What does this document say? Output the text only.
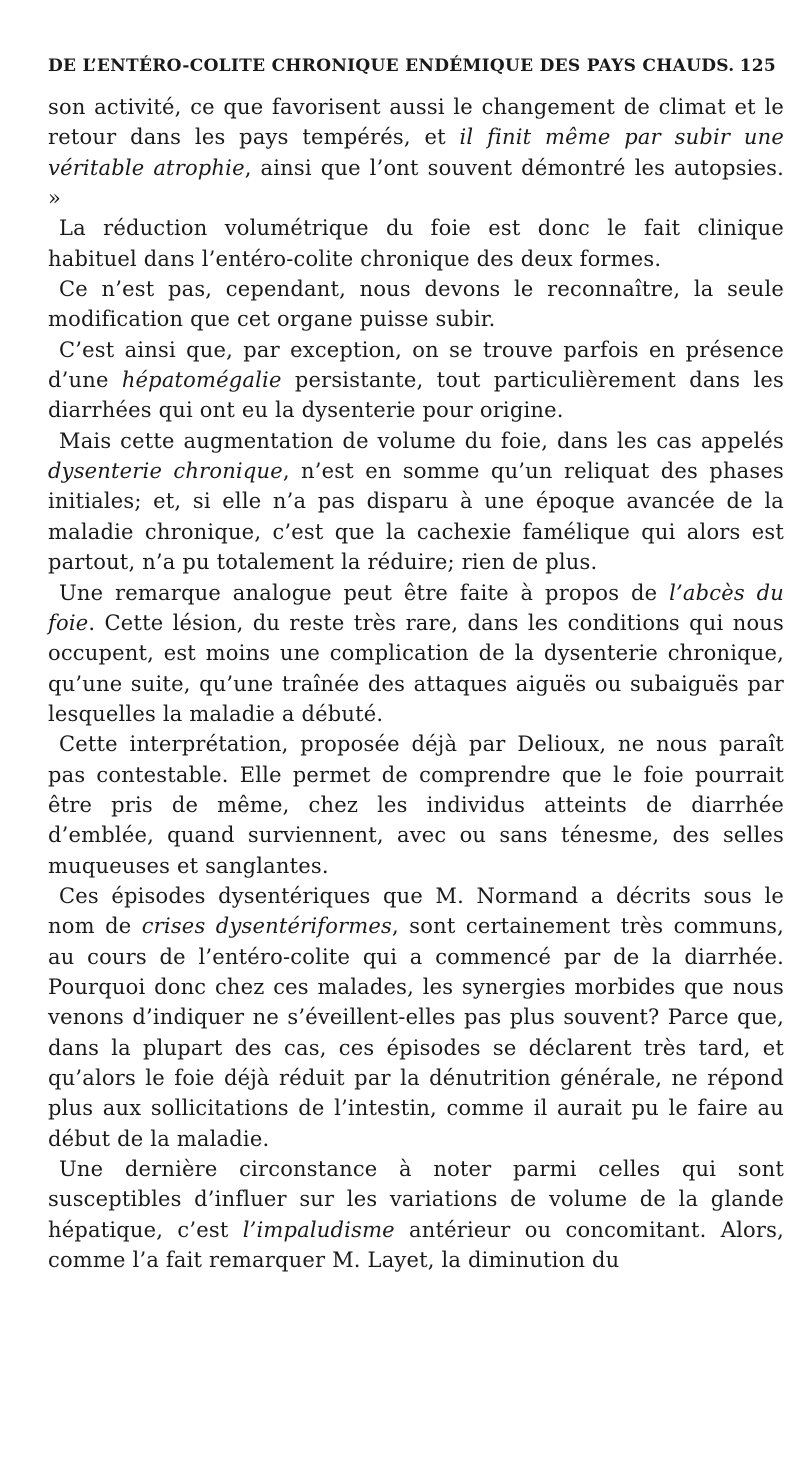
DE L’ENTÉRO-COLITE CHRONIQUE ENDÉMIQUE DES PAYS CHAUDS. 125

son activité, ce que favorisent aussi le changement de climat et le retour dans les pays tempérés, et il finit même par subir une véritable atrophie, ainsi que l’ont souvent démontré les autopsies. »

La réduction volumétrique du foie est donc le fait clinique habituel dans l’entéro-colite chronique des deux formes.

Ce n’est pas, cependant, nous devons le reconnaître, la seule modification que cet organe puisse subir.

C’est ainsi que, par exception, on se trouve parfois en présence d’une hépatomégalie persistante, tout particulièrement dans les diarrhées qui ont eu la dysenterie pour origine.

Mais cette augmentation de volume du foie, dans les cas appelés dysenterie chronique, n’est en somme qu’un reliquat des phases initiales; et, si elle n’a pas disparu à une époque avancée de la maladie chronique, c’est que la cachexie famélique qui alors est partout, n’a pu totalement la réduire; rien de plus.

Une remarque analogue peut être faite à propos de l’abcès du foie. Cette lésion, du reste très rare, dans les conditions qui nous occupent, est moins une complication de la dysenterie chronique, qu’une suite, qu’une traînée des attaques aiguës ou subaiguës par lesquelles la maladie a débuté.

Cette interprétation, proposée déjà par Delioux, ne nous paraît pas contestable. Elle permet de comprendre que le foie pourrait être pris de même, chez les individus atteints de diarrhée d’emblée, quand surviennent, avec ou sans ténesme, des selles muqueuses et sanglantes.

Ces épisodes dysentériques que M. Normand a décrits sous le nom de crises dysentériformes, sont certainement très communs, au cours de l’entéro-colite qui a commencé par de la diarrhée. Pourquoi donc chez ces malades, les synergies morbides que nous venons d’indiquer ne s’éveillent-elles pas plus souvent? Parce que, dans la plupart des cas, ces épisodes se déclarent très tard, et qu’alors le foie déjà réduit par la dénutrition générale, ne répond plus aux sollicitations de l’intestin, comme il aurait pu le faire au début de la maladie.

Une dernière circonstance à noter parmi celles qui sont susceptibles d’influer sur les variations de volume de la glande hépatique, c’est l’impaludisme antérieur ou concomitant. Alors, comme l’a fait remarquer M. Layet, la diminution du
